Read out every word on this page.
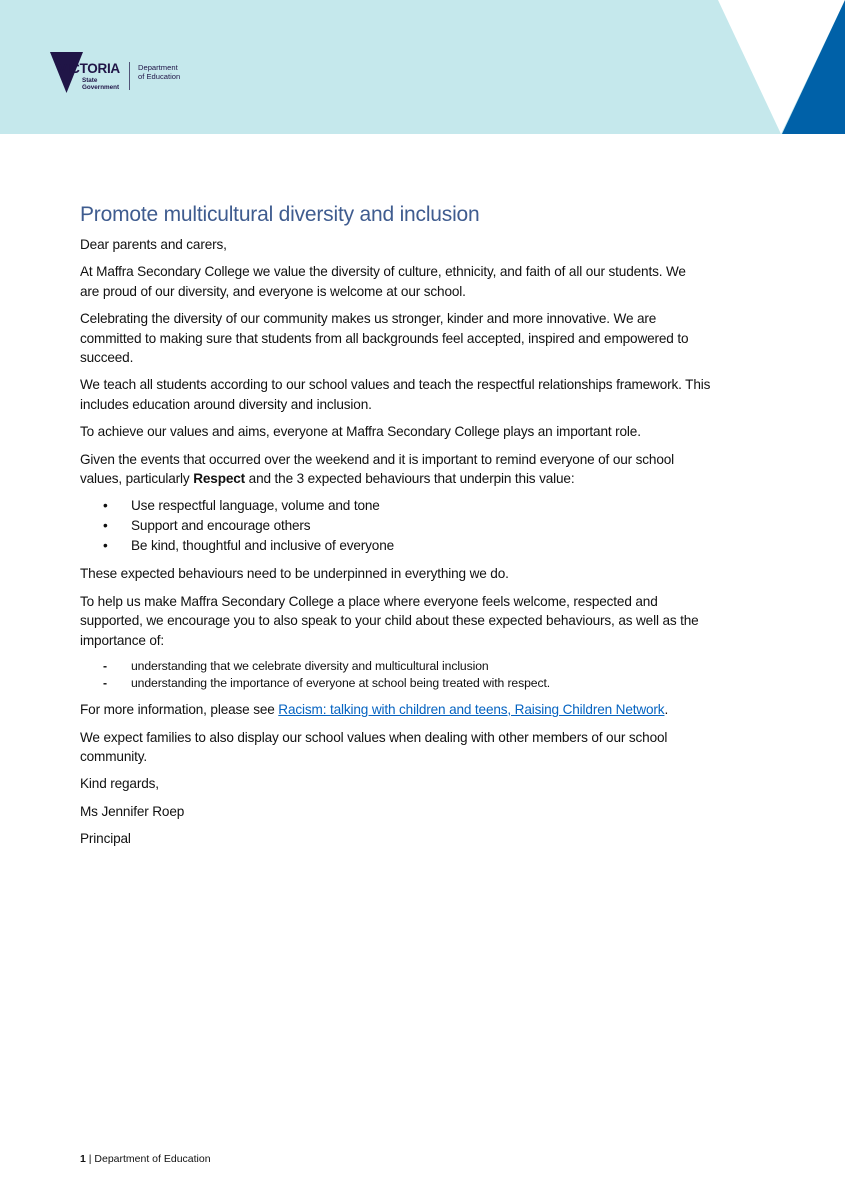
VICTORIA
State
Government
Department
of Education
Promote multicultural diversity and inclusion

Dear parents and carers,

At Maffra Secondary College we value the diversity of culture, ethnicity, and faith of all our students. We
are proud of our diversity, and everyone is welcome at our school.

Celebrating the diversity of our community makes us stronger, kinder and more innovative. We are
committed to making sure that students from all backgrounds feel accepted, inspired and empowered to
succeed.

We teach all students according to our school values and teach the respectful relationships framework. This
includes education around diversity and inclusion.

To achieve our values and aims, everyone at Maffra Secondary College plays an important role.

Given the events that occurred over the weekend and it is important to remind everyone of our school
values, particularly Respect and the 3 expected behaviours that underpin this value:

• Use respectful language, volume and tone
• Support and encourage others
• Be kind, thoughtful and inclusive of everyone

These expected behaviours need to be underpinned in everything we do.

To help us make Maffra Secondary College a place where everyone feels welcome, respected and
supported, we encourage you to also speak to your child about these expected behaviours, as well as the
importance of:

- understanding that we celebrate diversity and multicultural inclusion
- understanding the importance of everyone at school being treated with respect.

For more information, please see Racism: talking with children and teens, Raising Children Network.

We expect families to also display our school values when dealing with other members of our school
community.

Kind regards,

Ms Jennifer Roep

Principal

1 | Department of Education
